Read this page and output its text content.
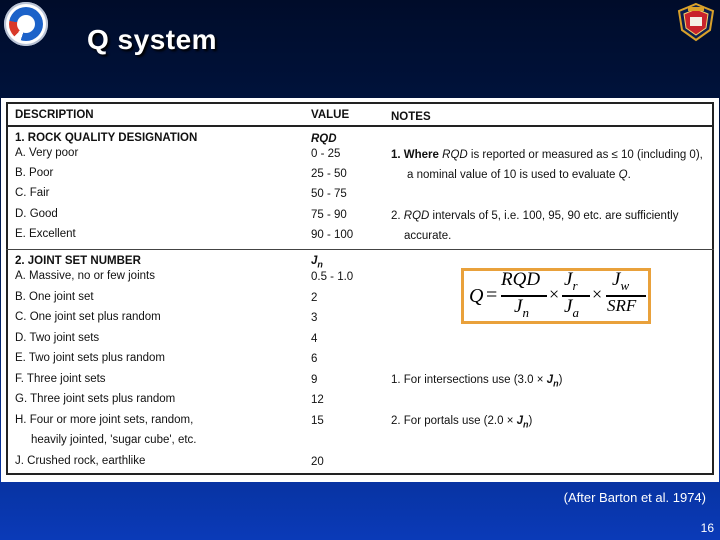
Q system
DESCRIPTION	VALUE	NOTES
1. ROCK QUALITY DESIGNATION	RQD
A. Very poor	0 - 25
B. Poor	25 - 50
C. Fair	50 - 75
D. Good	75 - 90
E. Excellent	90 - 100
1. Where RQD is reported or measured as ≤ 10 (including 0),
a nominal value of 10 is used to evaluate Q.
2. RQD intervals of 5, i.e. 100, 95, 90 etc. are sufficiently
accurate.
2. JOINT SET NUMBER	$J_n$
A. Massive, no or few joints	0.5 - 1.0
B. One joint set	2
C. One joint set plus random	3
D. Two joint sets	4
E. Two joint sets plus random	6
F. Three joint sets	9
G. Three joint sets plus random	12
H. Four or more joint sets, random,	15
heavily jointed, 'sugar cube', etc.
J. Crushed rock, earthlike	20
1. For intersections use $(3.0 \times J_n)$
2. For portals use $(2.0 \times J_n)$
Q =
RQD
$J_n$
×
$J_r$
$J_a$
×
$J_w$
SRF
(After Barton et al. 1974)
16
